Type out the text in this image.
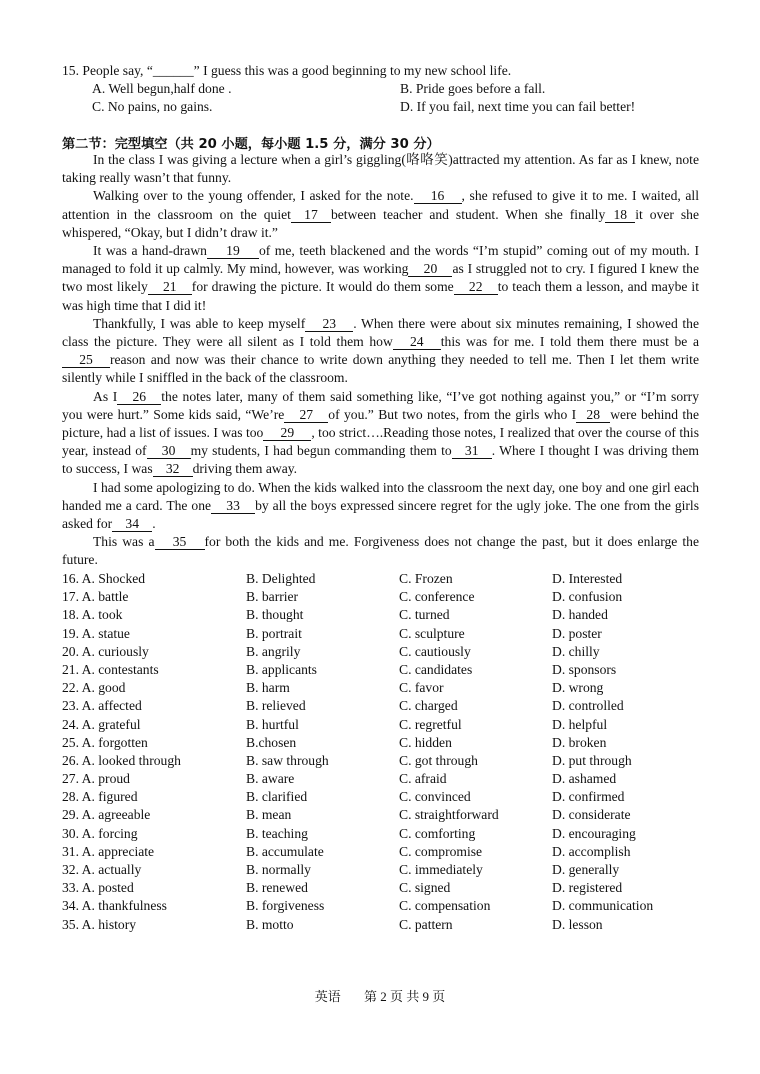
15. People say, “______” I guess this was a good beginning to my new school life.
A. Well begun,half done .	B. Pride goes before a fall.
C. No pains, no gains.	D. If you fail, next time you can fail better!
第二节：完型填空（共 20 小题，每小题 1.5 分，满分 30 分）

In the class I was giving a lecture when a girl’s giggling(咯咯笑)attracted my attention. As far as I knew, note taking really wasn’t that funny.

Walking over to the young offender, I asked for the note. 16 , she refused to give it to me. I waited, all attention in the classroom on the quiet 17 between teacher and student. When she finally 18 it over she whispered, “Okay, but I didn’t draw it.”

It was a hand-drawn 19 of me, teeth blackened and the words “I’m stupid” coming out of my mouth. I managed to fold it up calmly. My mind, however, was working 20 as I struggled not to cry. I figured I knew the two most likely 21 for drawing the picture. It would do them some 22 to teach them a lesson, and maybe it was high time that I did it!

Thankfully, I was able to keep myself 23 . When there were about six minutes remaining, I showed the class the picture. They were all silent as I told them how 24 this was for me. I told them there must be a25 reason and now was their chance to write down anything they needed to tell me. Then I let them write silently while I sniffled in the back of the classroom.

As I 26 the notes later, many of them said something like, “I’ve got nothing against you,” or “I’m sorry you were hurt.” Some kids said, “We’re 27 of you.” But two notes, from the girls who I 28 were behind the picture, had a list of issues. I was too 29 , too strict….Reading those notes, I realized that over the course of this year, instead of 30 my students, I had begun commanding them to 31 . Where I thought I was driving them to success, I was 32 driving them away.

I had some apologizing to do. When the kids walked into the classroom the next day, one boy and one girl each handed me a card. The one 33 by all the boys expressed sincere regret for the ugly joke. The one from the girls asked for 34 .

This was a 35 for both the kids and me. Forgiveness does not change the past, but it does enlarge the future.

16. A. Shocked	B. Delighted	C. Frozen	D. Interested
17. A. battle	B. barrier	C. conference	D. confusion
18. A. took	B. thought	C. turned	D. handed
19. A. statue	B. portrait	C. sculpture	D. poster
20. A. curiously	B. angrily	C. cautiously	D. chilly
21. A. contestants	B. applicants	C. candidates	D. sponsors
22. A. good	B. harm	C. favor	D. wrong
23. A. affected	B. relieved	C. charged	D. controlled
24. A. grateful	B. hurtful	C. regretful	D. helpful
25. A. forgotten	B.chosen	C. hidden	D. broken
26. A. looked through	B. saw through	C. got through	D. put through
27. A. proud	B. aware	C. afraid	D. ashamed
28. A. figured	B. clarified	C. convinced	D. confirmed
29. A. agreeable	B. mean	C. straightforward	D. considerate
30. A. forcing	B. teaching	C. comforting	D. encouraging
31. A. appreciate	B. accumulate	C. compromise	D. accomplish
32. A. actually	B. normally	C. immediately	D. generally
33. A. posted	B. renewed	C. signed	D. registered
34. A. thankfulness	B. forgiveness	C. compensation	D. communication
35. A. history	B. motto	C. pattern	D. lesson
英语 第 2 页 共 9 页
